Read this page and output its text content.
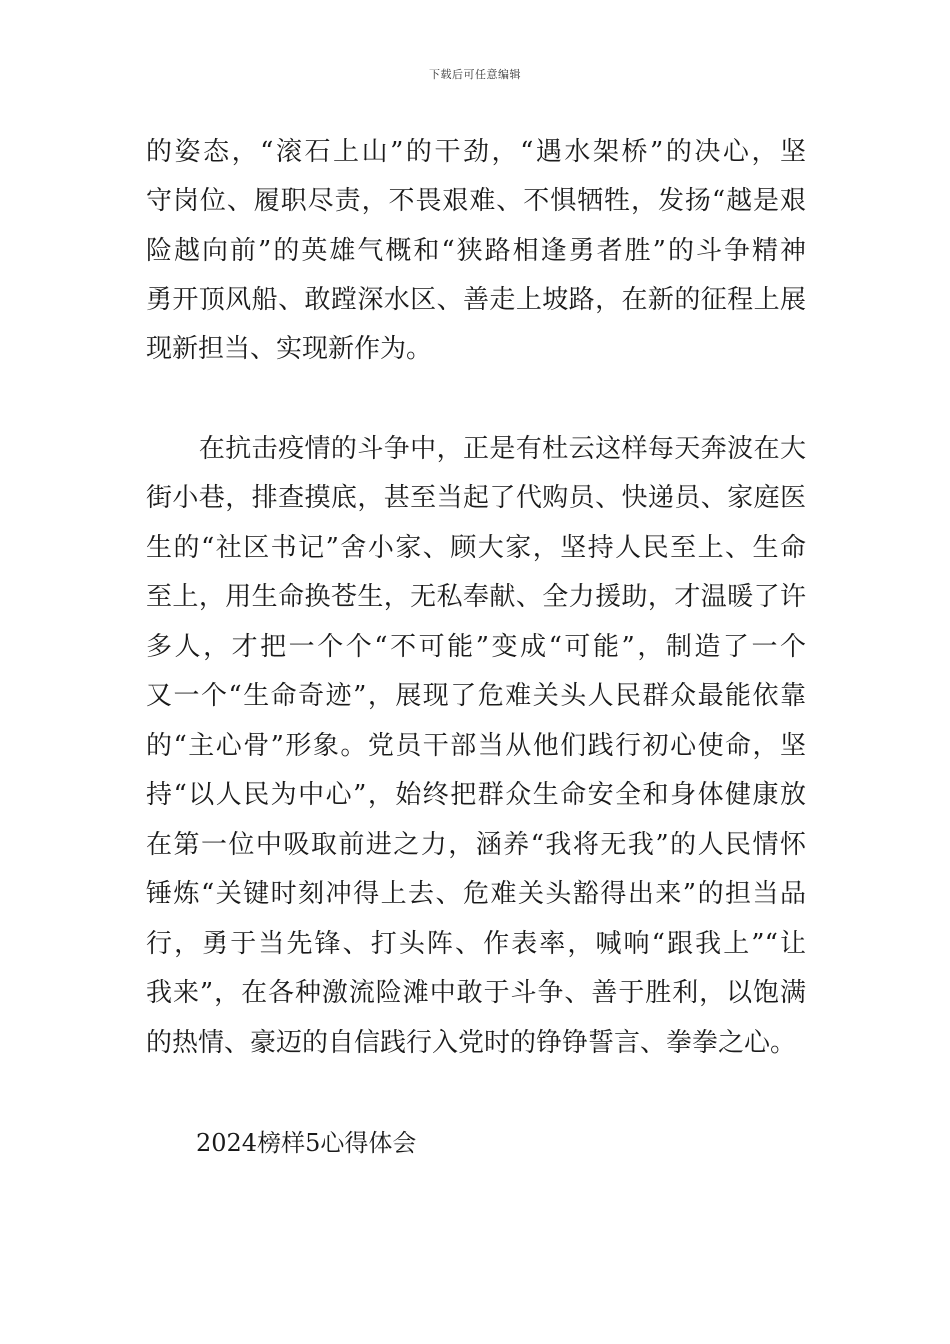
下载后可任意编辑
的姿态，“滚石上山”的干劲，“遇水架桥”的决心，坚
守岗位、履职尽责，不畏艰难、不惧牺牲，发扬“越是艰
险越向前”的英雄气概和“狭路相逢勇者胜”的斗争精神
勇开顶风船、敢蹚深水区、善走上坡路，在新的征程上展
现新担当、实现新作为。
　　在抗击疫情的斗争中，正是有杜云这样每天奔波在大
街小巷，排查摸底，甚至当起了代购员、快递员、家庭医
生的“社区书记”舍小家、顾大家，坚持人民至上、生命
至上，用生命换苍生，无私奉献、全力援助，才温暖了许
多人，才把一个个“不可能”变成“可能”，制造了一个
又一个“生命奇迹”，展现了危难关头人民群众最能依靠
的“主心骨”形象。党员干部当从他们践行初心使命，坚
持“以人民为中心”，始终把群众生命安全和身体健康放
在第一位中吸取前进之力，涵养“我将无我”的人民情怀
锤炼“关键时刻冲得上去、危难关头豁得出来”的担当品
行，勇于当先锋、打头阵、作表率，喊响“跟我上”“让
我来”，在各种激流险滩中敢于斗争、善于胜利，以饱满
的热情、豪迈的自信践行入党时的铮铮誓言、拳拳之心。
2024榜样5心得体会
